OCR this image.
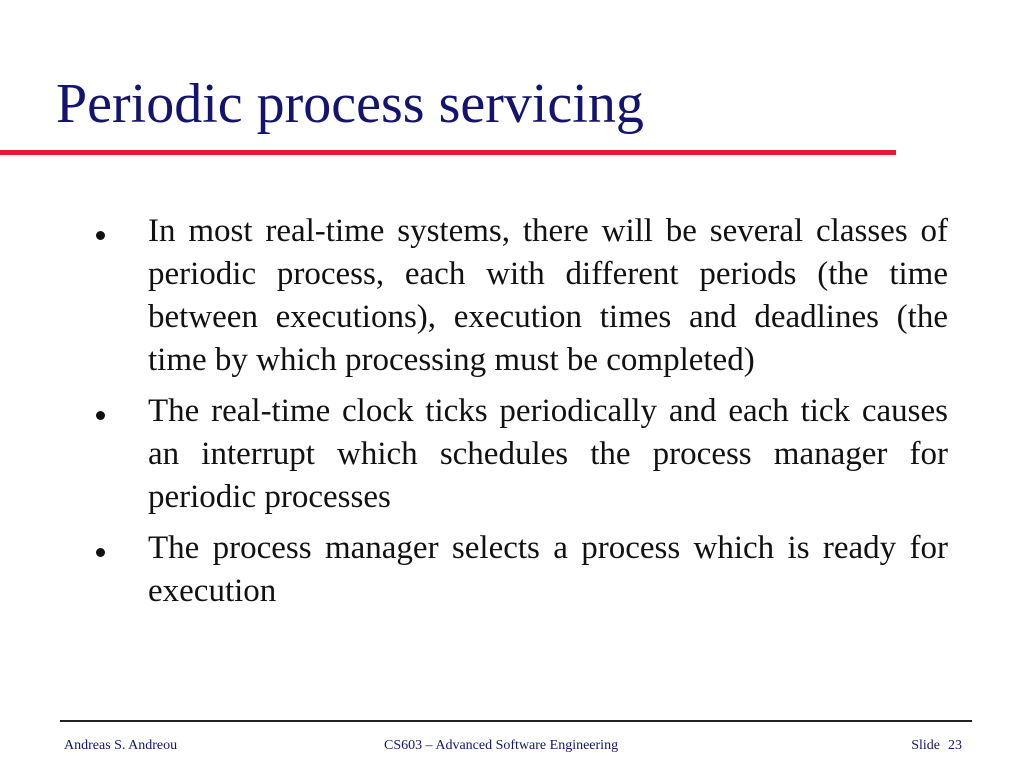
Periodic process servicing
In most real-time systems, there will be several classes of periodic process, each with different periods (the time between executions), execution times and deadlines (the time by which processing must be completed)
The real-time clock ticks periodically and each tick causes an interrupt which schedules the process manager for periodic processes
The process manager selects a process which is ready for execution
Andreas S. Andreou	CS603 – Advanced Software Engineering	Slide 23
